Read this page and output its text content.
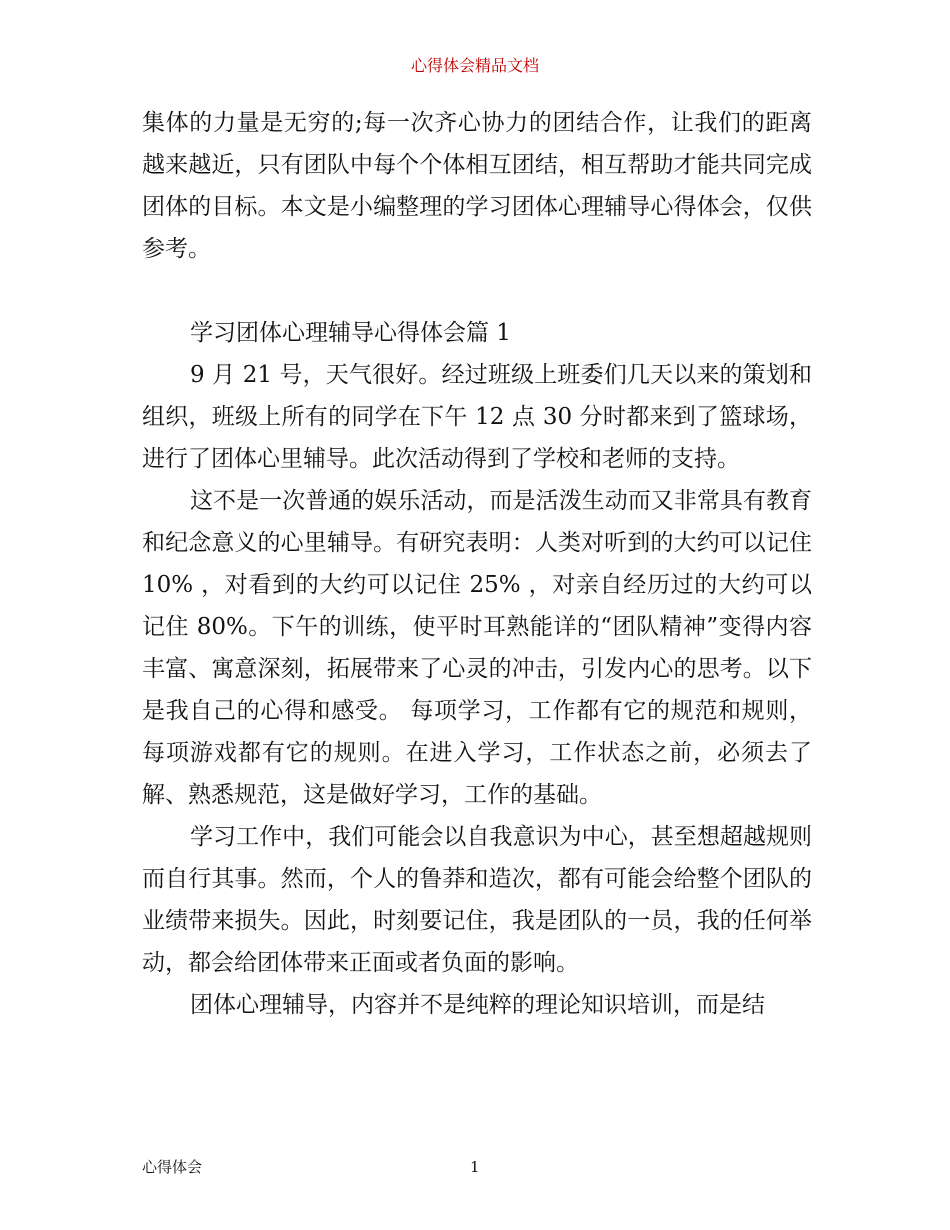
心得体会精品文档

集体的力量是无穷的;每一次齐心协力的团结合作，让我们的距离越来越近，只有团队中每个个体相互团结，相互帮助才能共同完成团体的目标。本文是小编整理的学习团体心理辅导心得体会，仅供参考。

学习团体心理辅导心得体会篇 1

9 月 21 号，天气很好。经过班级上班委们几天以来的策划和组织，班级上所有的同学在下午 12 点 30 分时都来到了篮球场，进行了团体心里辅导。此次活动得到了学校和老师的支持。

这不是一次普通的娱乐活动，而是活泼生动而又非常具有教育和纪念意义的心里辅导。有研究表明：人类对听到的大约可以记住 10% ，对看到的大约可以记住 25% ，对亲自经历过的大约可以记住 80%。下午的训练，使平时耳熟能详的“团队精神”变得内容丰富、寓意深刻，拓展带来了心灵的冲击，引发内心的思考。以下是我自己的心得和感受。 每项学习，工作都有它的规范和规则，每项游戏都有它的规则。在进入学习，工作状态之前，必须去了解、熟悉规范，这是做好学习，工作的基础。

学习工作中，我们可能会以自我意识为中心，甚至想超越规则而自行其事。然而，个人的鲁莽和造次，都有可能会给整个团队的业绩带来损失。因此，时刻要记住，我是团队的一员，我的任何举动，都会给团体带来正面或者负面的影响。

团体心理辅导，内容并不是纯粹的理论知识培训，而是结

心得体会	1
